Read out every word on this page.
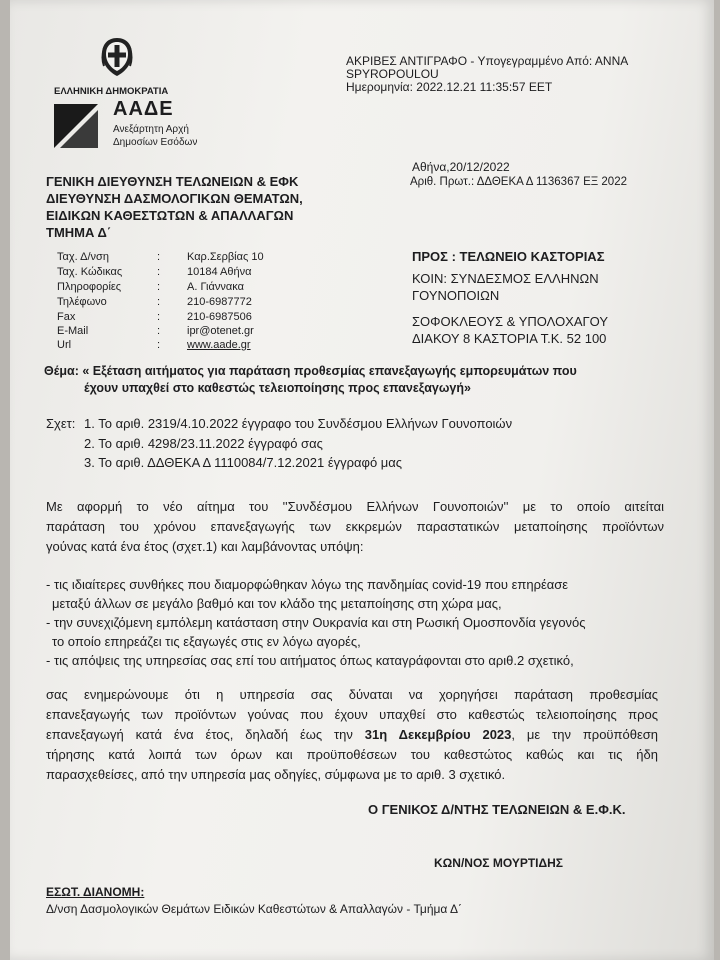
ΕΛΛΗΝΙΚΗ ΔΗΜΟΚΡΑΤΙΑ
ΑΑΔΕ
Ανεξάρτητη Αρχή
Δημοσίων Εσόδων
ΑΚΡΙΒΕΣ ΑΝΤΙΓΡΑΦΟ - Υπογεγραμμένο Από: ΑΝΝΑ
SPYROPOULOU
Ημερομηνία: 2022.12.21 11:35:57 EET
Αθήνα,20/12/2022
Αριθ. Πρωτ.: ΔΔΘΕΚΑ Δ 1136367 ΕΞ 2022
ΓΕΝΙΚΗ ΔΙΕΥΘΥΝΣΗ ΤΕΛΩΝΕΙΩΝ & ΕΦΚ
ΔΙΕΥΘΥΝΣΗ ΔΑΣΜΟΛΟΓΙΚΩΝ ΘΕΜΑΤΩΝ,
ΕΙΔΙΚΩΝ ΚΑΘΕΣΤΩΤΩΝ & ΑΠΑΛΛΑΓΩΝ
ΤΜΗΜΑ Δ΄
Ταχ. Δ/νση	: Καρ.Σερβίας 10
Ταχ. Κώδικας	: 10184 Αθήνα
Πληροφορίες	: Α. Γιάννακα
Τηλέφωνο	: 210-6987772
Fax	: 210-6987506
E-Mail	: ipr@otenet.gr
Url	: www.aade.gr
ΠΡΟΣ : ΤΕΛΩΝΕΙΟ ΚΑΣΤΟΡΙΑΣ
ΚΟΙΝ: ΣΥΝΔΕΣΜΟΣ ΕΛΛΗΝΩΝ
ΓΟΥΝΟΠΟΙΩΝ
ΣΟΦΟΚΛΕΟΥΣ & ΥΠΟΛΟΧΑΓΟΥ
ΔΙΑΚΟΥ 8 ΚΑΣΤΟΡΙΑ Τ.Κ. 52 100
Θέμα: « Εξέταση αιτήματος για παράταση προθεσμίας επανεξαγωγής εμπορευμάτων που
έχουν υπαχθεί στο καθεστώς τελειοποίησης προς επανεξαγωγή»
Σχετ: 1. Το αριθ. 2319/4.10.2022 έγγραφο του Συνδέσμου Ελλήνων Γουνοποιών
2. Το αριθ. 4298/23.11.2022 έγγραφό σας
3. Το αριθ. ΔΔΘΕΚΑ Δ 1110084/7.12.2021 έγγραφό μας
Με αφορμή το νέο αίτημα του ''Συνδέσμου Ελλήνων Γουνοποιών'' με το οποίο αιτείται
παράταση του χρόνου επανεξαγωγής των εκκρεμών παραστατικών μεταποίησης προϊόντων
γούνας κατά ένα έτος (σχετ.1) και λαμβάνοντας υπόψη:
- τις ιδιαίτερες συνθήκες που διαμορφώθηκαν λόγω της πανδημίας covid-19 που επηρέασε
μεταξύ άλλων σε μεγάλο βαθμό και τον κλάδο της μεταποίησης στη χώρα μας,
- την συνεχιζόμενη εμπόλεμη κατάσταση στην Ουκρανία και στη Ρωσική Ομοσπονδία γεγονός
το οποίο επηρεάζει τις εξαγωγές στις εν λόγω αγορές,
- τις απόψεις της υπηρεσίας σας επί του αιτήματος όπως καταγράφονται στο αριθ.2 σχετικό,
σας ενημερώνουμε ότι η υπηρεσία σας δύναται να χορηγήσει παράταση προθεσμίας
επανεξαγωγής των προϊόντων γούνας που έχουν υπαχθεί στο καθεστώς τελειοποίησης προς
επανεξαγωγή κατά ένα έτος, δηλαδή έως την 31η Δεκεμβρίου 2023, με την προϋπόθεση
τήρησης κατά λοιπά των όρων και προϋποθέσεων του καθεστώτος καθώς και τις ήδη
παρασχεθείσες, από την υπηρεσία μας οδηγίες, σύμφωνα με το αριθ. 3 σχετικό.
Ο ΓΕΝΙΚΟΣ Δ/ΝΤΗΣ ΤΕΛΩΝΕΙΩΝ & Ε.Φ.Κ.
ΚΩΝ/ΝΟΣ ΜΟΥΡΤΙΔΗΣ
ΕΣΩΤ. ΔΙΑΝΟΜΗ:
Δ/νση Δασμολογικών Θεμάτων Ειδικών Καθεστώτων & Απαλλαγών - Τμήμα Δ΄
